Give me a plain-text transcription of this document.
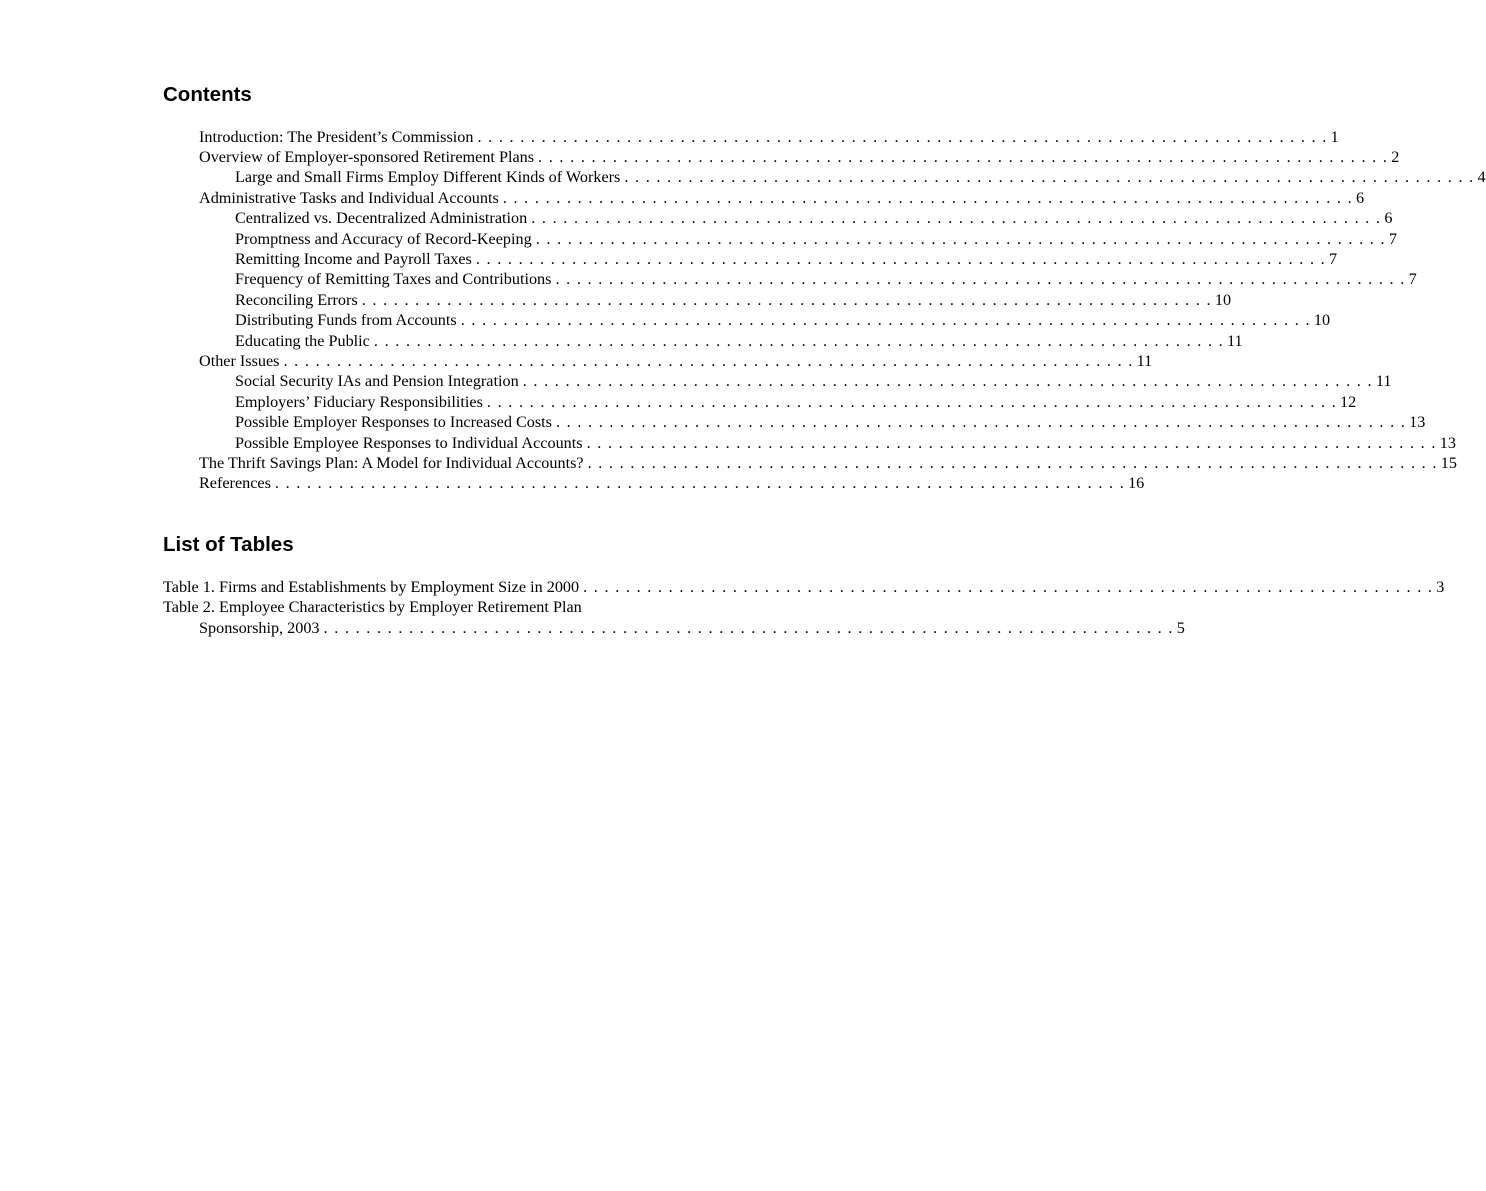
Contents
Introduction: The President’s Commission . . . . . . . . . . . . . . . . . . . . . . . . . . . . . . . . . . . . . . . . . . . . . . . . . . . . . . . . . . . . . . . . . . . . . . . . . . . . . . . . 1
Overview of Employer-sponsored Retirement Plans . . . . . . . . . . . . . . . . . . . . . . . . . . . . . . . . . . . . . . . . . . . . . . . . . . . . . . . . . . . . . . . . . . . . . . . . . . . . . . . . 2
Large and Small Firms Employ Different Kinds of Workers . . . . . . . . . . . . . . . . . . . . . . . . . . . . . . . . . . . . . . . . . . . . . . . . . . . . . . . . . . . . . . . . . . . . . . . . . . . . . . . . 4
Administrative Tasks and Individual Accounts . . . . . . . . . . . . . . . . . . . . . . . . . . . . . . . . . . . . . . . . . . . . . . . . . . . . . . . . . . . . . . . . . . . . . . . . . . . . . . . . 6
Centralized vs. Decentralized Administration . . . . . . . . . . . . . . . . . . . . . . . . . . . . . . . . . . . . . . . . . . . . . . . . . . . . . . . . . . . . . . . . . . . . . . . . . . . . . . . . 6
Promptness and Accuracy of Record-Keeping . . . . . . . . . . . . . . . . . . . . . . . . . . . . . . . . . . . . . . . . . . . . . . . . . . . . . . . . . . . . . . . . . . . . . . . . . . . . . . . . 7
Remitting Income and Payroll Taxes . . . . . . . . . . . . . . . . . . . . . . . . . . . . . . . . . . . . . . . . . . . . . . . . . . . . . . . . . . . . . . . . . . . . . . . . . . . . . . . . 7
Frequency of Remitting Taxes and Contributions . . . . . . . . . . . . . . . . . . . . . . . . . . . . . . . . . . . . . . . . . . . . . . . . . . . . . . . . . . . . . . . . . . . . . . . . . . . . . . . . 7
Reconciling Errors . . . . . . . . . . . . . . . . . . . . . . . . . . . . . . . . . . . . . . . . . . . . . . . . . . . . . . . . . . . . . . . . . . . . . . . . . . . . . . . . 10
Distributing Funds from Accounts . . . . . . . . . . . . . . . . . . . . . . . . . . . . . . . . . . . . . . . . . . . . . . . . . . . . . . . . . . . . . . . . . . . . . . . . . . . . . . . . 10
Educating the Public . . . . . . . . . . . . . . . . . . . . . . . . . . . . . . . . . . . . . . . . . . . . . . . . . . . . . . . . . . . . . . . . . . . . . . . . . . . . . . . . 11
Other Issues . . . . . . . . . . . . . . . . . . . . . . . . . . . . . . . . . . . . . . . . . . . . . . . . . . . . . . . . . . . . . . . . . . . . . . . . . . . . . . . . 11
Social Security IAs and Pension Integration . . . . . . . . . . . . . . . . . . . . . . . . . . . . . . . . . . . . . . . . . . . . . . . . . . . . . . . . . . . . . . . . . . . . . . . . . . . . . . . . 11
Employers’ Fiduciary Responsibilities . . . . . . . . . . . . . . . . . . . . . . . . . . . . . . . . . . . . . . . . . . . . . . . . . . . . . . . . . . . . . . . . . . . . . . . . . . . . . . . . 12
Possible Employer Responses to Increased Costs . . . . . . . . . . . . . . . . . . . . . . . . . . . . . . . . . . . . . . . . . . . . . . . . . . . . . . . . . . . . . . . . . . . . . . . . . . . . . . . . 13
Possible Employee Responses to Individual Accounts . . . . . . . . . . . . . . . . . . . . . . . . . . . . . . . . . . . . . . . . . . . . . . . . . . . . . . . . . . . . . . . . . . . . . . . . . . . . . . . . 13
The Thrift Savings Plan: A Model for Individual Accounts? . . . . . . . . . . . . . . . . . . . . . . . . . . . . . . . . . . . . . . . . . . . . . . . . . . . . . . . . . . . . . . . . . . . . . . . . . . . . . . . . 15
References . . . . . . . . . . . . . . . . . . . . . . . . . . . . . . . . . . . . . . . . . . . . . . . . . . . . . . . . . . . . . . . . . . . . . . . . . . . . . . . . 16
List of Tables
Table 1. Firms and Establishments by Employment Size in 2000 . . . . . . . . . . . . . . . . . . . . . . . . . . . . . . . . . . . . . . . . . . . . . . . . . . . . . . . . . . . . . . . . . . . . . . . . . . . . . . . . 3
Table 2. Employee Characteristics by Employer Retirement Plan
Sponsorship, 2003 . . . . . . . . . . . . . . . . . . . . . . . . . . . . . . . . . . . . . . . . . . . . . . . . . . . . . . . . . . . . . . . . . . . . . . . . . . . . . . . . 5
